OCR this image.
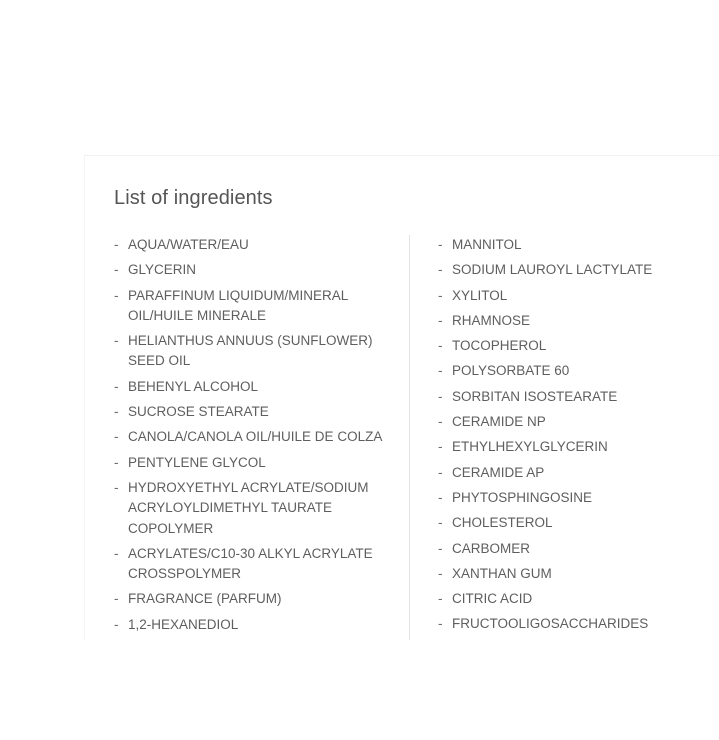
List of ingredients
- AQUA/WATER/EAU
- GLYCERIN
- PARAFFINUM LIQUIDUM/MINERAL OIL/HUILE MINERALE
- HELIANTHUS ANNUUS (SUNFLOWER) SEED OIL
- BEHENYL ALCOHOL
- SUCROSE STEARATE
- CANOLA/CANOLA OIL/HUILE DE COLZA
- PENTYLENE GLYCOL
- HYDROXYETHYL ACRYLATE/SODIUM ACRYLOYLDIMETHYL TAURATE COPOLYMER
- ACRYLATES/C10-30 ALKYL ACRYLATE CROSSPOLYMER
- FRAGRANCE (PARFUM)
- 1,2-HEXANEDIOL
- MANNITOL
- SODIUM LAUROYL LACTYLATE
- XYLITOL
- RHAMNOSE
- TOCOPHEROL
- POLYSORBATE 60
- SORBITAN ISOSTEARATE
- CERAMIDE NP
- ETHYLHEXYLGLYCERIN
- CERAMIDE AP
- PHYTOSPHINGOSINE
- CHOLESTEROL
- CARBOMER
- XANTHAN GUM
- CITRIC ACID
- FRUCTOOLIGOSACCHARIDES
